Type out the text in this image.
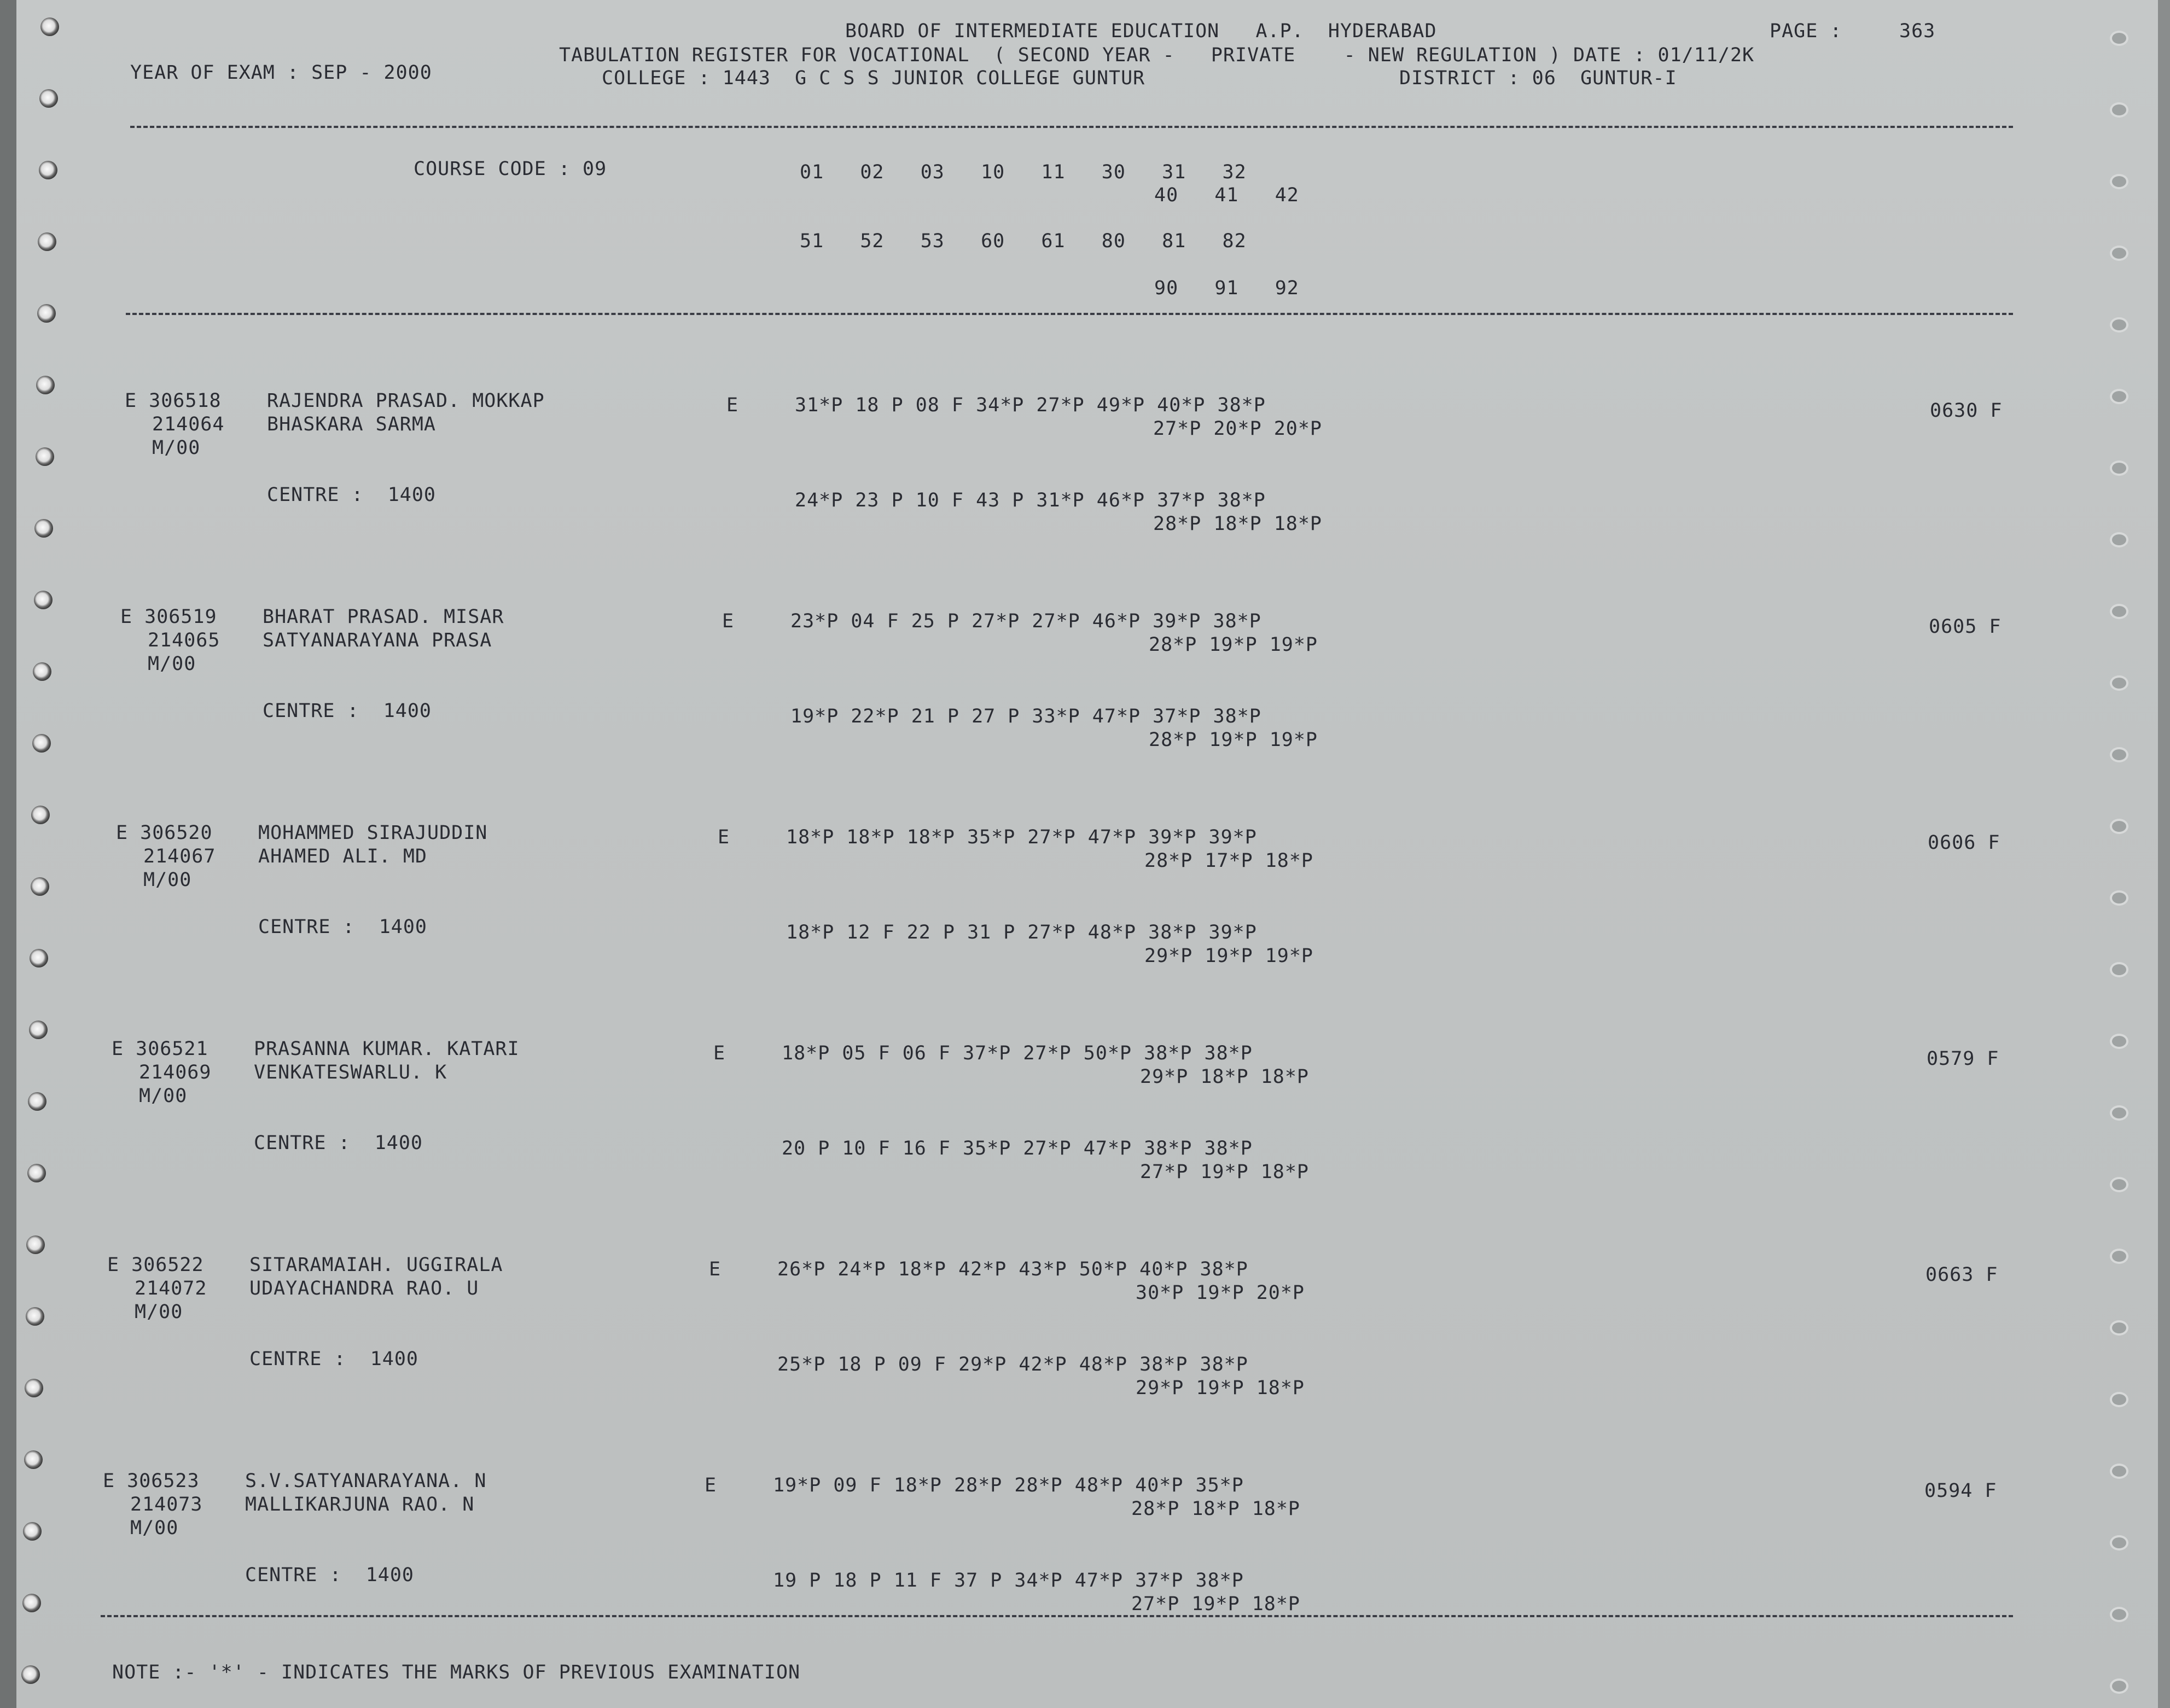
BOARD OF INTERMEDIATE EDUCATION   A.P.  HYDERABAD	PAGE :	363
TABULATION REGISTER FOR VOCATIONAL  ( SECOND YEAR -   PRIVATE    - NEW REGULATION ) DATE : 01/11/2K
YEAR OF EXAM : SEP - 2000	COLLEGE : 1443  G C S S JUNIOR COLLEGE GUNTUR	DISTRICT : 06  GUNTUR-I
COURSE CODE : 09	01   02   03   10   11   30   31   32
40   41   42
51   52   53   60   61   80   81   82
90   91   92
E 306518 RAJENDRA PRASAD. MOKKAP
214064 BHASKARA SARMA
M/00
E	31*P 18 P 08 F 34*P 27*P 49*P 40*P 38*P
27*P 20*P 20*P
CENTRE :  1400	24*P 23 P 10 F 43 P 31*P 46*P 37*P 38*P
28*P 18*P 18*P
0630 F
E 306519 BHARAT PRASAD. MISAR
214065 SATYANARAYANA PRASA
M/00
E	23*P 04 F 25 P 27*P 27*P 46*P 39*P 38*P
28*P 19*P 19*P
CENTRE :  1400	19*P 22*P 21 P 27 P 33*P 47*P 37*P 38*P
28*P 19*P 19*P
0605 F
E 306520 MOHAMMED SIRAJUDDIN
214067 AHAMED ALI. MD
M/00
E	18*P 18*P 18*P 35*P 27*P 47*P 39*P 39*P
28*P 17*P 18*P
CENTRE :  1400	18*P 12 F 22 P 31 P 27*P 48*P 38*P 39*P
29*P 19*P 19*P
0606 F
E 306521 PRASANNA KUMAR. KATARI
214069 VENKATESWARLU. K
M/00
E	18*P 05 F 06 F 37*P 27*P 50*P 38*P 38*P
29*P 18*P 18*P
CENTRE :  1400	20 P 10 F 16 F 35*P 27*P 47*P 38*P 38*P
27*P 19*P 18*P
0579 F
E 306522 SITARAMAIAH. UGGIRALA
214072 UDAYACHANDRA RAO. U
M/00
E	26*P 24*P 18*P 42*P 43*P 50*P 40*P 38*P
30*P 19*P 20*P
CENTRE :  1400	25*P 18 P 09 F 29*P 42*P 48*P 38*P 38*P
29*P 19*P 18*P
0663 F
E 306523 S.V.SATYANARAYANA. N
214073 MALLIKARJUNA RAO. N
M/00
E	19*P 09 F 18*P 28*P 28*P 48*P 40*P 35*P
28*P 18*P 18*P
CENTRE :  1400	19 P 18 P 11 F 37 P 34*P 47*P 37*P 38*P
27*P 19*P 18*P
0594 F
NOTE :- '*' - INDICATES THE MARKS OF PREVIOUS EXAMINATION
